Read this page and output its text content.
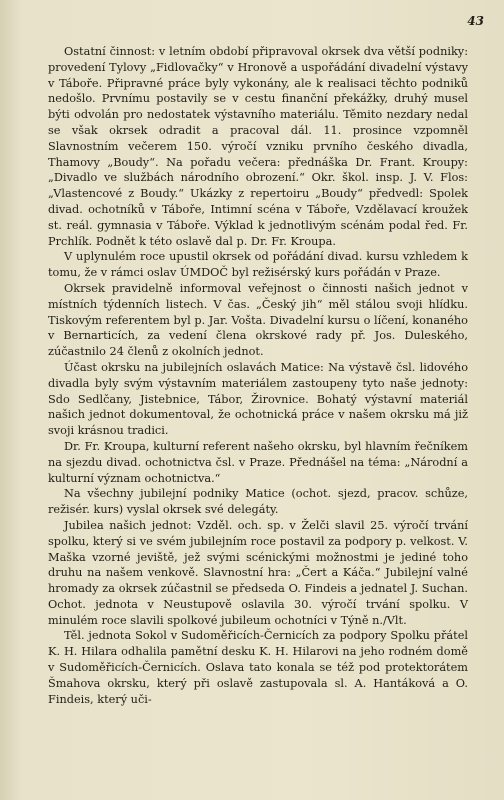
43

Ostatní činnost: v letním období připravoval okrsek dva větší podniky: provedení Tylovy „Fidlovačky“ v Hronově a uspořádání divadelní výstavy v Táboře. Připravné práce byly vykonány, ale k realisaci těchto podniků nedošlo. Prvnímu postavily se v cestu finanční překážky, druhý musel býti odvolán pro nedostatek výstavního materiálu. Těmito nezdary nedal se však okrsek odradit a pracoval dál. 11. prosince vzpomněl Slavnostním večerem 150. výročí vzniku prvního českého divadla, Thamovy „Boudy“. Na pořadu večera: přednáška Dr. Frant. Kroupy: „Divadlo ve službách národního obrození.“ Okr. škol. insp. J. V. Flos: „Vlastencové z Boudy.“ Ukázky z repertoiru „Boudy“ předvedl: Spolek divad. ochotníků v Táboře, Intimní scéna v Táboře, Vzdělavací kroužek st. reál. gymnasia v Táboře. Výklad k jednotlivým scénám podal řed. Fr. Prchlík. Podnět k této oslavě dal p. Dr. Fr. Kroupa.

V uplynulém roce upustil okrsek od pořádání divad. kursu vzhledem k tomu, že v rámci oslav ÚMDOČ byl režisérský kurs pořádán v Praze.

Okrsek pravidelně informoval veřejnost o činnosti našich jednot v místních týdenních listech. V čas. „Český jih“ měl stálou svoji hlídku. Tiskovým referentem byl p. Jar. Vošta. Divadelní kursu o líčení, konaného v Bernarticích, za vedení člena okrskové rady př. Jos. Duleského, zúčastnilo 24 členů z okolních jednot.

Účast okrsku na jubilejních oslavách Matice: Na výstavě čsl. lidového divadla byly svým výstavním materiálem zastoupeny tyto naše jednoty: Sdo Sedlčany, Jistebnice, Tábor, Žirovnice. Bohatý výstavní materiál našich jednot dokumentoval, že ochotnická práce v našem okrsku má již svoji krásnou tradici.

Dr. Fr. Kroupa, kulturní referent našeho okrsku, byl hlavním řečníkem na sjezdu divad. ochotnictva čsl. v Praze. Přednášel na téma: „Národní a kulturní význam ochotnictva.“

Na všechny jubilejní podniky Matice (ochot. sjezd, pracov. schůze, režisér. kurs) vyslal okrsek své delegáty.

Jubilea našich jednot: Vzděl. och. sp. v Želči slavil 25. výročí trvání spolku, který si ve svém jubilejním roce postavil za podpory p. velkost. V. Maška vzorné jeviště, jež svými scénickými možnostmi je jediné toho druhu na našem venkově. Slavnostní hra: „Čert a Káča.“ Jubilejní valné hromady za okrsek zúčastnil se předseda O. Findeis a jednatel J. Suchan. Ochot. jednota v Neustupově oslavila 30. výročí trvání spolku. V minulém roce slavili spolkové jubileum ochotníci v Týně n./Vlt.

Těl. jednota Sokol v Sudoměřicích-Černicích za podpory Spolku přátel K. H. Hilara odhalila pamětní desku K. H. Hilarovi na jeho rodném domě v Sudoměřicích-Černicích. Oslava tato konala se též pod protektorátem Šmahova okrsku, který při oslavě zastupovala sl. A. Hantáková a O. Findeis, který uči-
